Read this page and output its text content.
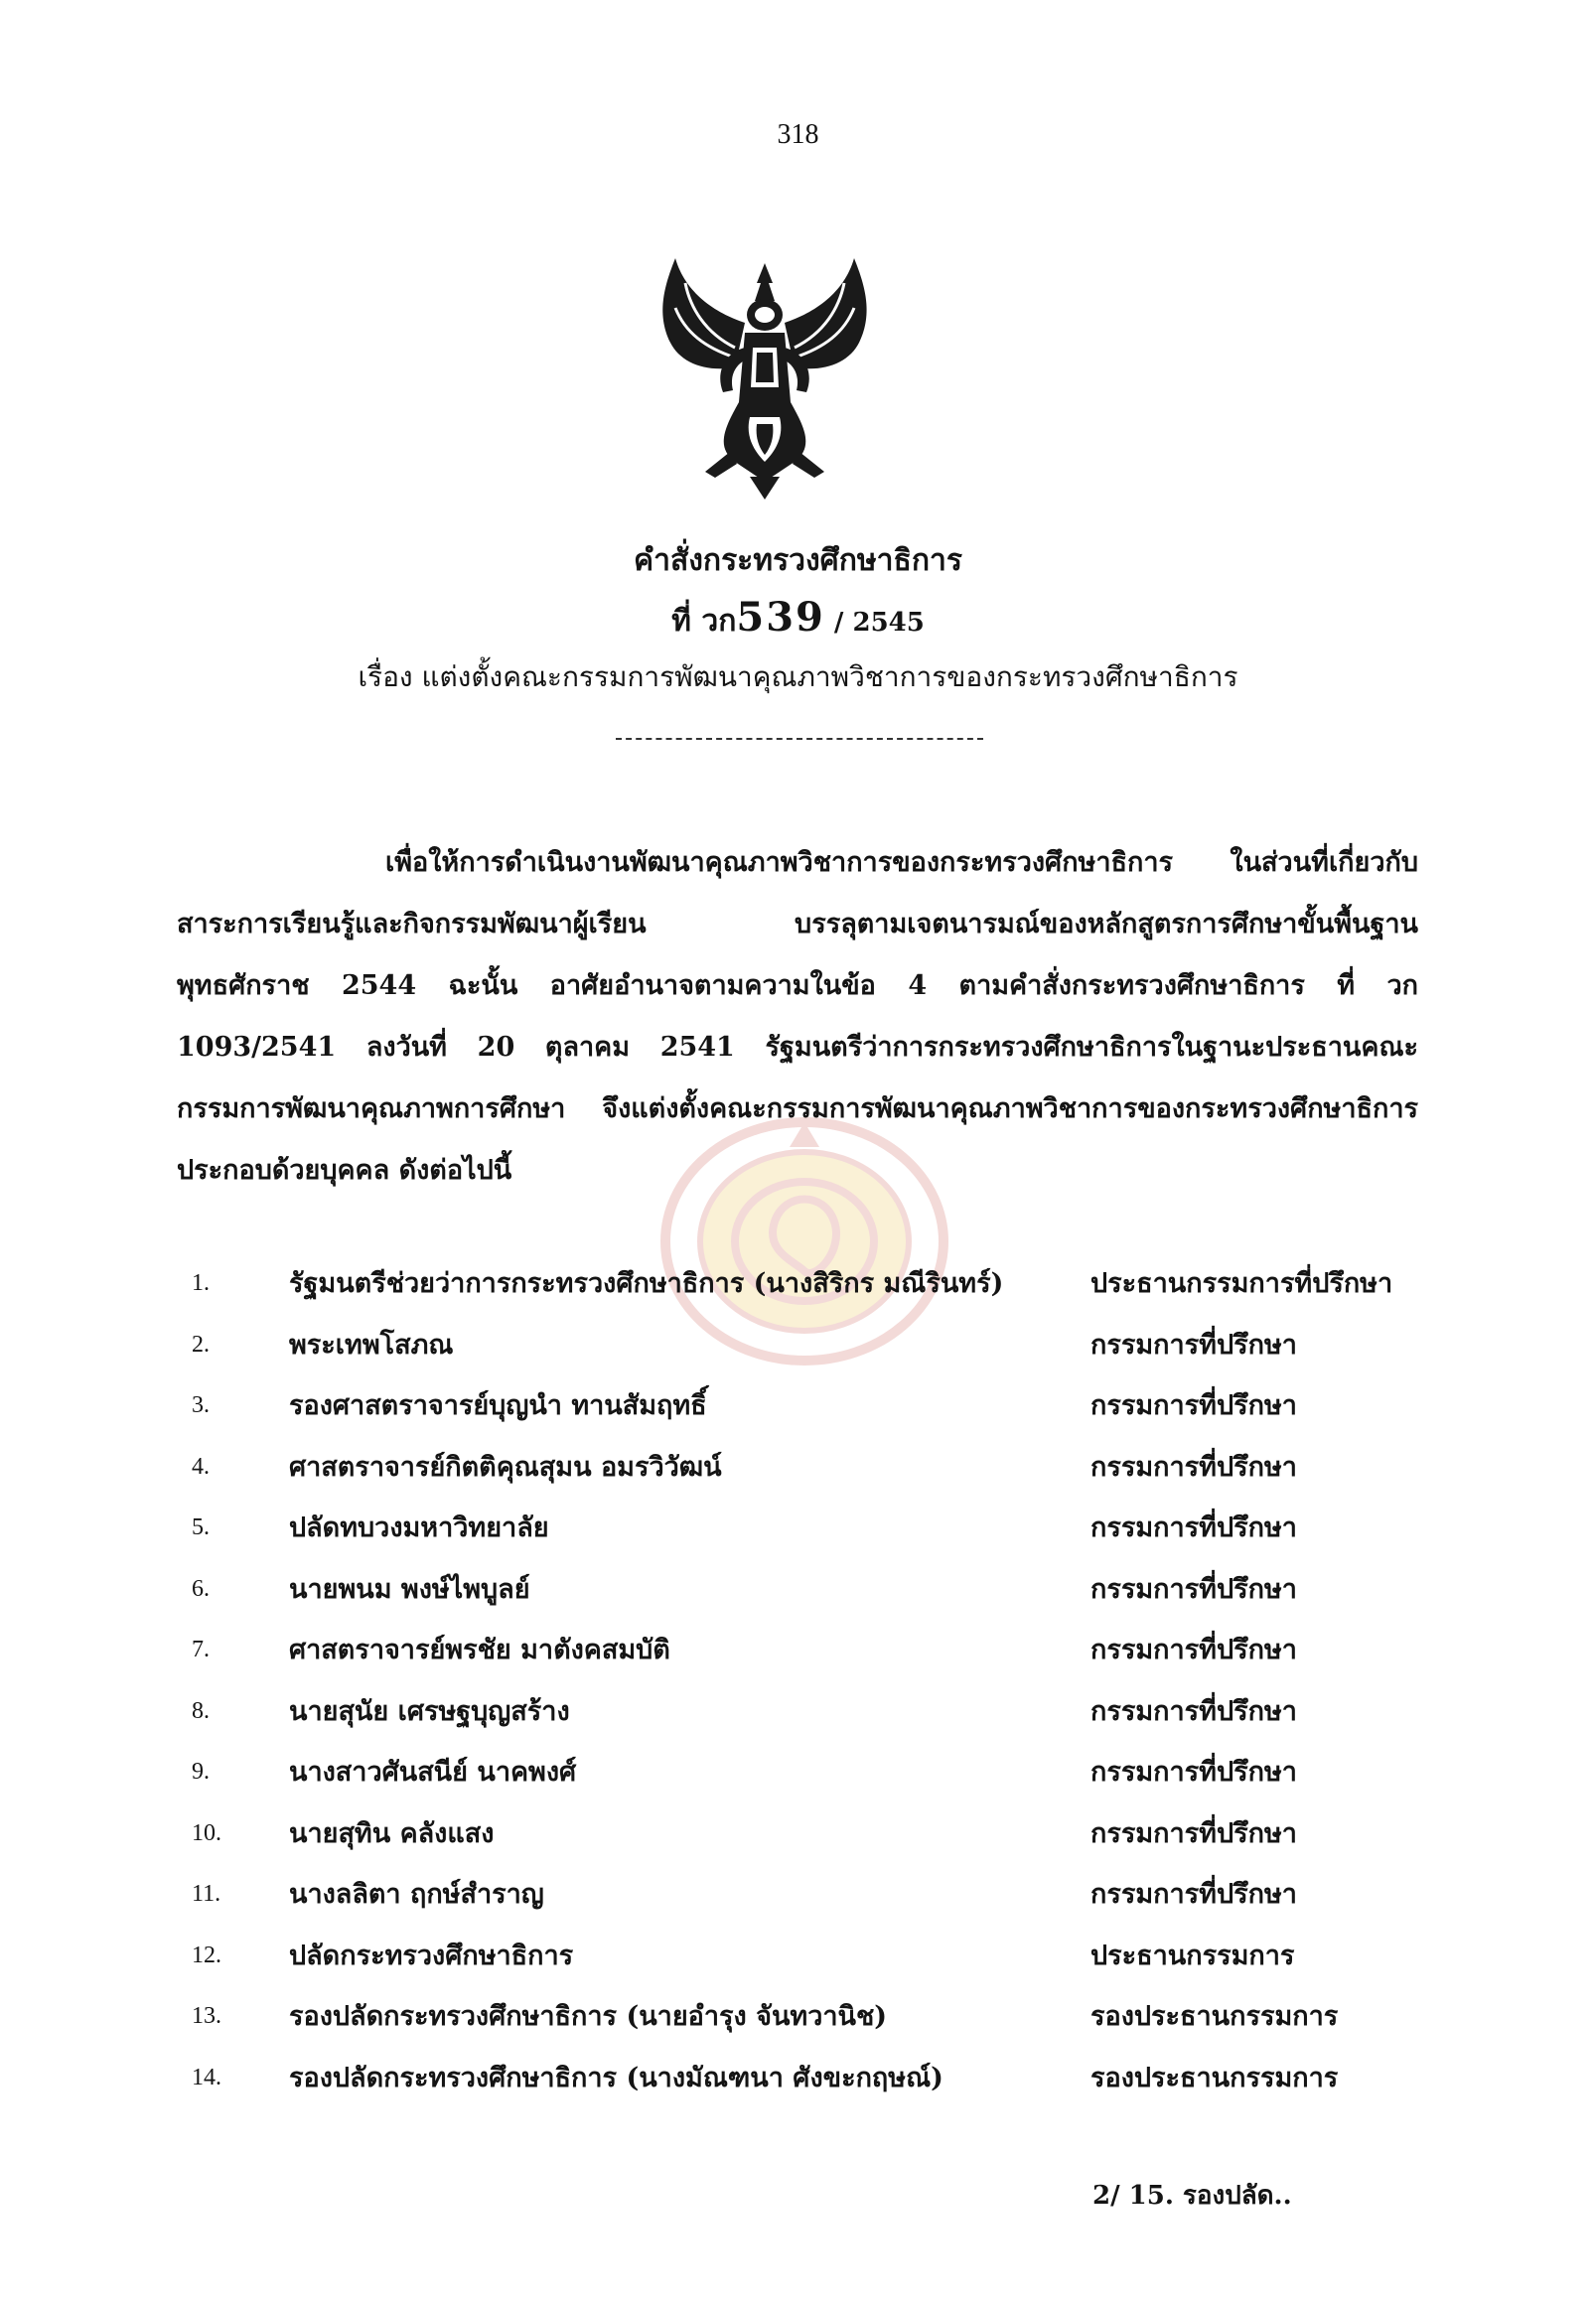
318
คำสั่งกระทรวงศึกษาธิการ
ที่ วก539 / 2545
เรื่อง แต่งตั้งคณะกรรมการพัฒนาคุณภาพวิชาการของกระทรวงศึกษาธิการ
เพื่อให้การดำเนินงานพัฒนาคุณภาพวิชาการของกระทรวงศึกษาธิการ ในส่วนที่เกี่ยวกับสาระการเรียนรู้และกิจกรรมพัฒนาผู้เรียน บรรลุตามเจตนารมณ์ของหลักสูตรการศึกษาขั้นพื้นฐาน พุทธศักราช 2544 ฉะนั้น อาศัยอำนาจตามความในข้อ 4 ตามคำสั่งกระทรวงศึกษาธิการ ที่ วก 1093/2541 ลงวันที่ 20 ตุลาคม 2541 รัฐมนตรีว่าการกระทรวงศึกษาธิการในฐานะประธานคณะกรรมการพัฒนาคุณภาพการศึกษา จึงแต่งตั้งคณะกรรมการพัฒนาคุณภาพวิชาการของกระทรวงศึกษาธิการ ประกอบด้วยบุคคล ดังต่อไปนี้
1.	รัฐมนตรีช่วยว่าการกระทรวงศึกษาธิการ (นางสิริกร มณีรินทร์)	ประธานกรรมการที่ปรึกษา
2.	พระเทพโสภณ	กรรมการที่ปรึกษา
3.	รองศาสตราจารย์บุญนำ ทานสัมฤทธิ์	กรรมการที่ปรึกษา
4.	ศาสตราจารย์กิตติคุณสุมน อมรวิวัฒน์	กรรมการที่ปรึกษา
5.	ปลัดทบวงมหาวิทยาลัย	กรรมการที่ปรึกษา
6.	นายพนม พงษ์ไพบูลย์	กรรมการที่ปรึกษา
7.	ศาสตราจารย์พรชัย มาตังคสมบัติ	กรรมการที่ปรึกษา
8.	นายสุนัย เศรษฐบุญสร้าง	กรรมการที่ปรึกษา
9.	นางสาวศันสนีย์ นาคพงศ์	กรรมการที่ปรึกษา
10.	นายสุทิน คลังแสง	กรรมการที่ปรึกษา
11.	นางลลิตา ฤกษ์สำราญ	กรรมการที่ปรึกษา
12.	ปลัดกระทรวงศึกษาธิการ	ประธานกรรมการ
13.	รองปลัดกระทรวงศึกษาธิการ (นายอำรุง จันทวานิช)	รองประธานกรรมการ
14.	รองปลัดกระทรวงศึกษาธิการ (นางมัณฑนา ศังขะกฤษณ์)	รองประธานกรรมการ
2/ 15. รองปลัด..
